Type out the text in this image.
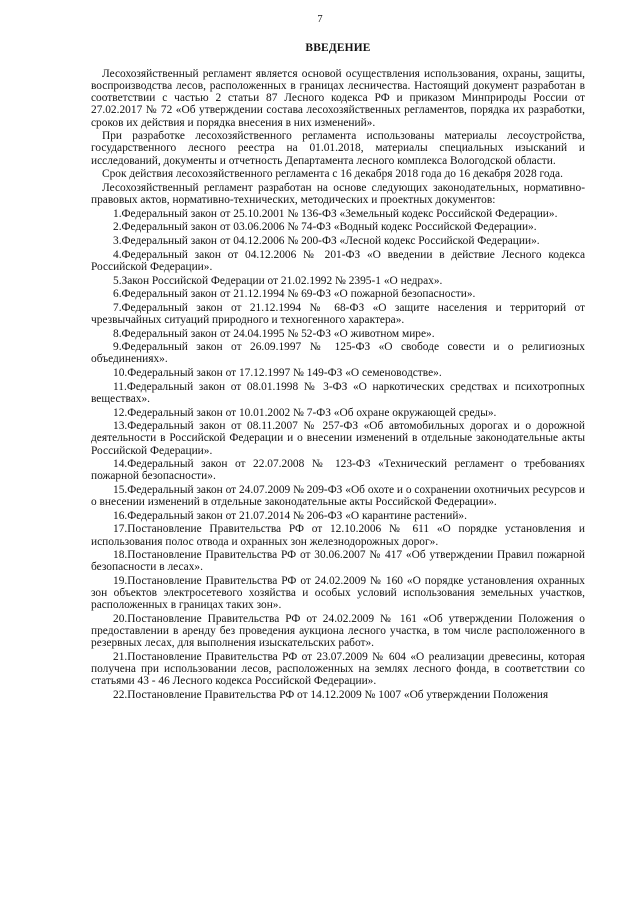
7
ВВЕДЕНИЕ

Лесохозяйственный регламент является основой осуществления использования, охраны, защиты, воспроизводства лесов, расположенных в границах лесничества. Настоящий документ разработан в соответствии с частью 2 статьи 87 Лесного кодекса РФ и приказом Минприроды России от 27.02.2017 № 72 «Об утверждении состава лесохозяйственных регламентов, порядка их разработки, сроков их действия и порядка внесения в них изменений».

При разработке лесохозяйственного регламента использованы материалы лесоустройства, государственного лесного реестра на 01.01.2018, материалы специальных изысканий и исследований, документы и отчетность Департамента лесного комплекса Вологодской области.

Срок действия лесохозяйственного регламента с 16 декабря 2018 года до 16 декабря 2028 года.

Лесохозяйственный регламент разработан на основе следующих законодательных, нормативно-правовых актов, нормативно-технических, методических и проектных документов:

1.Федеральный закон от 25.10.2001 № 136-ФЗ «Земельный кодекс Российской Федерации».
2.Федеральный закон от 03.06.2006 № 74-ФЗ «Водный кодекс Российской Федерации».
3.Федеральный закон от 04.12.2006 № 200-ФЗ «Лесной кодекс Российской Федерации».
4.Федеральный закон от 04.12.2006 № 201-ФЗ «О введении в действие Лесного кодекса Российской Федерации».
5.Закон Российской Федерации от 21.02.1992 № 2395-1 «О недрах».
6.Федеральный закон от 21.12.1994 № 69-ФЗ «О пожарной безопасности».
7.Федеральный закон от 21.12.1994 № 68-ФЗ «О защите населения и территорий от чрезвычайных ситуаций природного и техногенного характера».
8.Федеральный закон от 24.04.1995 № 52-ФЗ «О животном мире».
9.Федеральный закон от 26.09.1997 № 125-ФЗ «О свободе совести и о религиозных объединениях».
10.Федеральный закон от 17.12.1997 № 149-ФЗ «О семеноводстве».
11.Федеральный закон от 08.01.1998 № 3-ФЗ «О наркотических средствах и психотропных веществах».
12.Федеральный закон от 10.01.2002 № 7-ФЗ «Об охране окружающей среды».
13.Федеральный закон от 08.11.2007 № 257-ФЗ «Об автомобильных дорогах и о дорожной деятельности в Российской Федерации и о внесении изменений в отдельные законодательные акты Российской Федерации».
14.Федеральный закон от 22.07.2008 № 123-ФЗ «Технический регламент о требованиях пожарной безопасности».
15.Федеральный закон от 24.07.2009 № 209-ФЗ «Об охоте и о сохранении охотничьих ресурсов и о внесении изменений в отдельные законодательные акты Российской Федерации».
16.Федеральный закон от 21.07.2014 № 206-ФЗ «О карантине растений».
17.Постановление Правительства РФ от 12.10.2006 № 611 «О порядке установления и использования полос отвода и охранных зон железнодорожных дорог».
18.Постановление Правительства РФ от 30.06.2007 № 417 «Об утверждении Правил пожарной безопасности в лесах».
19.Постановление Правительства РФ от 24.02.2009 № 160 «О порядке установления охранных зон объектов электросетевого хозяйства и особых условий использования земельных участков, расположенных в границах таких зон».
20.Постановление Правительства РФ от 24.02.2009 № 161 «Об утверждении Положения о предоставлении в аренду без проведения аукциона лесного участка, в том числе расположенного в резервных лесах, для выполнения изыскательских работ».
21.Постановление Правительства РФ от 23.07.2009 № 604 «О реализации древесины, которая получена при использовании лесов, расположенных на землях лесного фонда, в соответствии со статьями 43 - 46 Лесного кодекса Российской Федерации».
22.Постановление Правительства РФ от 14.12.2009 № 1007 «Об утверждении Положения
